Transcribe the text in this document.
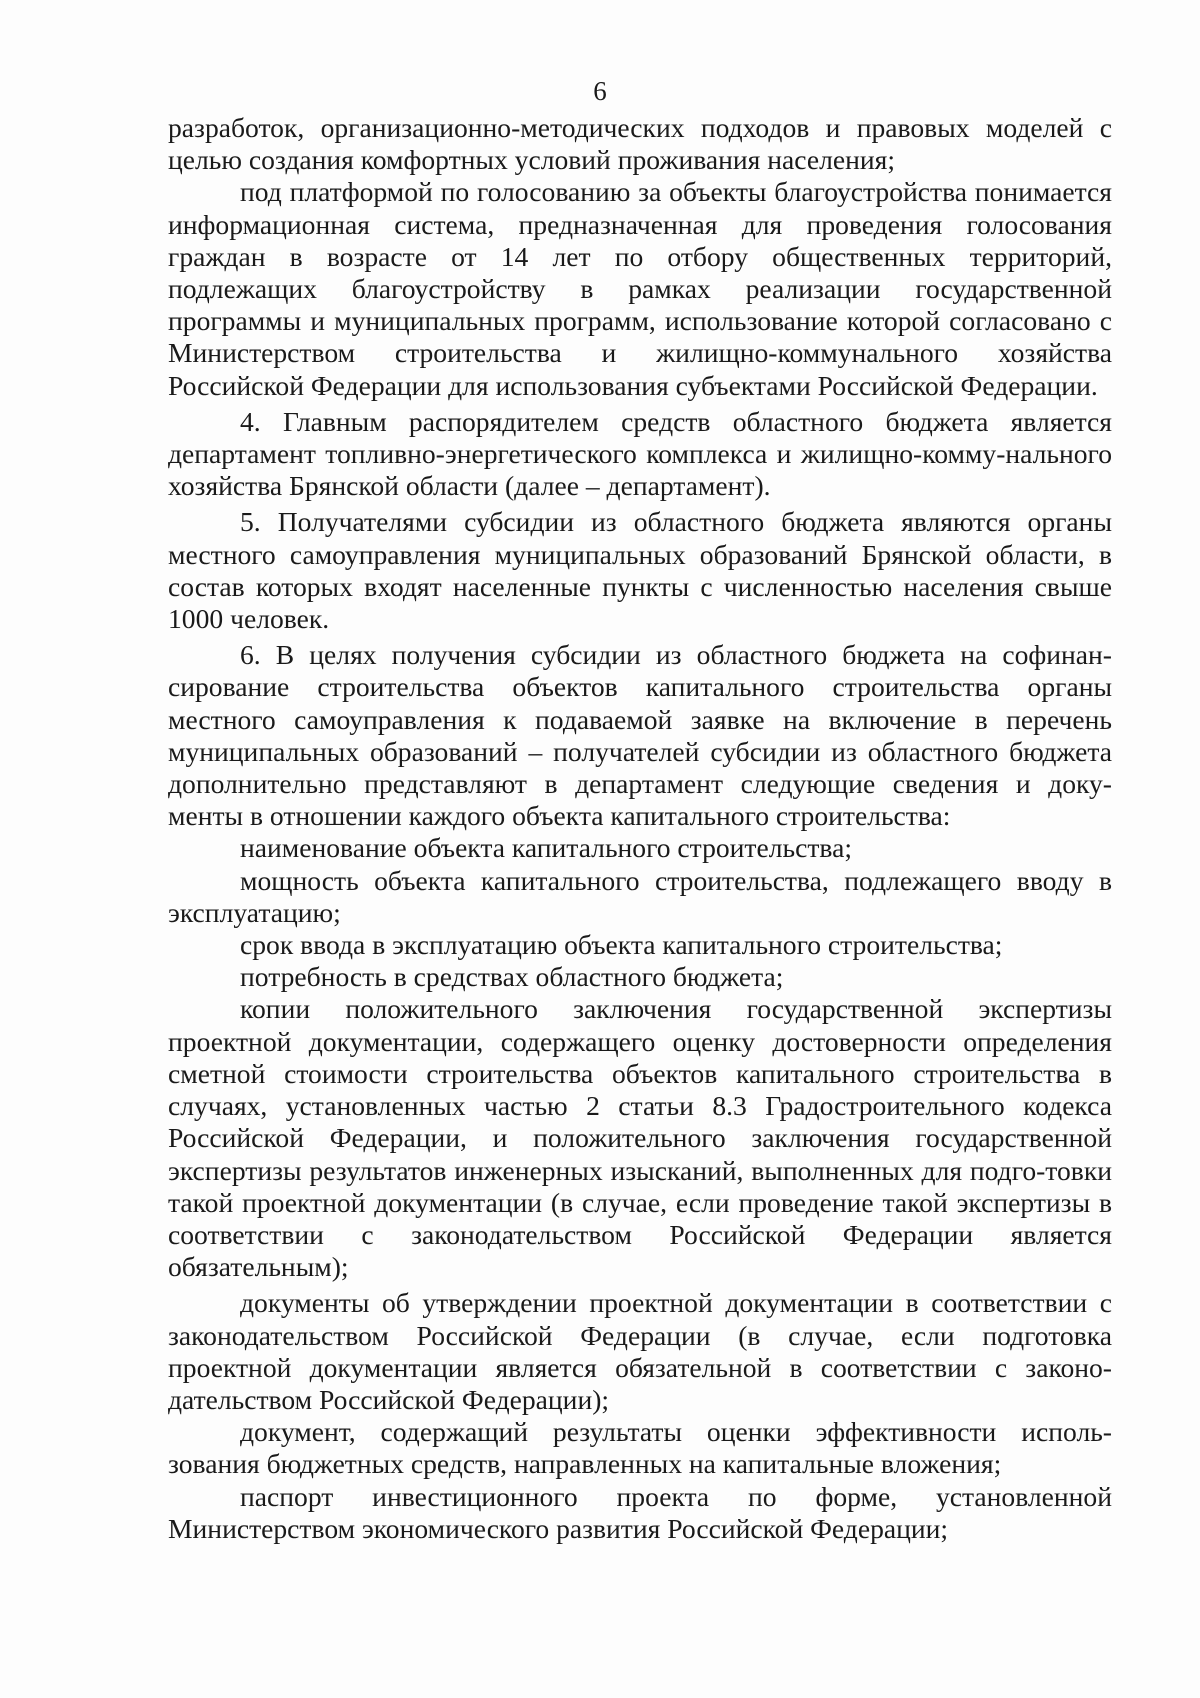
6

разработок, организационно-методических подходов и правовых моделей с целью создания комфортных условий проживания населения;

под платформой по голосованию за объекты благоустройства понимается информационная система, предназначенная для проведения голосования граждан в возрасте от 14 лет по отбору общественных территорий, подлежащих благоустройству в рамках реализации государственной программы и муниципальных программ, использование которой согласовано с Министерством строительства и жилищно-коммунального хозяйства Российской Федерации для использования субъектами Российской Федерации.

4. Главным распорядителем средств областного бюджета является департамент топливно-энергетического комплекса и жилищно-комму-нального хозяйства Брянской области (далее – департамент).

5. Получателями субсидии из областного бюджета являются органы местного самоуправления муниципальных образований Брянской области, в состав которых входят населенные пункты с численностью населения свыше 1000 человек.

6. В целях получения субсидии из областного бюджета на софинан-сирование строительства объектов капитального строительства органы местного самоуправления к подаваемой заявке на включение в перечень муниципальных образований – получателей субсидии из областного бюджета дополнительно представляют в департамент следующие сведения и доку-менты в отношении каждого объекта капитального строительства:

наименование объекта капитального строительства;

мощность объекта капитального строительства, подлежащего вводу в эксплуатацию;

срок ввода в эксплуатацию объекта капитального строительства;

потребность в средствах областного бюджета;

копии положительного заключения государственной экспертизы проектной документации, содержащего оценку достоверности определения сметной стоимости строительства объектов капитального строительства в случаях, установленных частью 2 статьи 8.3 Градостроительного кодекса Российской Федерации, и положительного заключения государственной экспертизы результатов инженерных изысканий, выполненных для подго-товки такой проектной документации (в случае, если проведение такой экспертизы в соответствии с законодательством Российской Федерации является обязательным);

документы об утверждении проектной документации в соответствии с законодательством Российской Федерации (в случае, если подготовка проектной документации является обязательной в соответствии с законо-дательством Российской Федерации);

документ, содержащий результаты оценки эффективности исполь-зования бюджетных средств, направленных на капитальные вложения;

паспорт инвестиционного проекта по форме, установленной Министерством экономического развития Российской Федерации;
